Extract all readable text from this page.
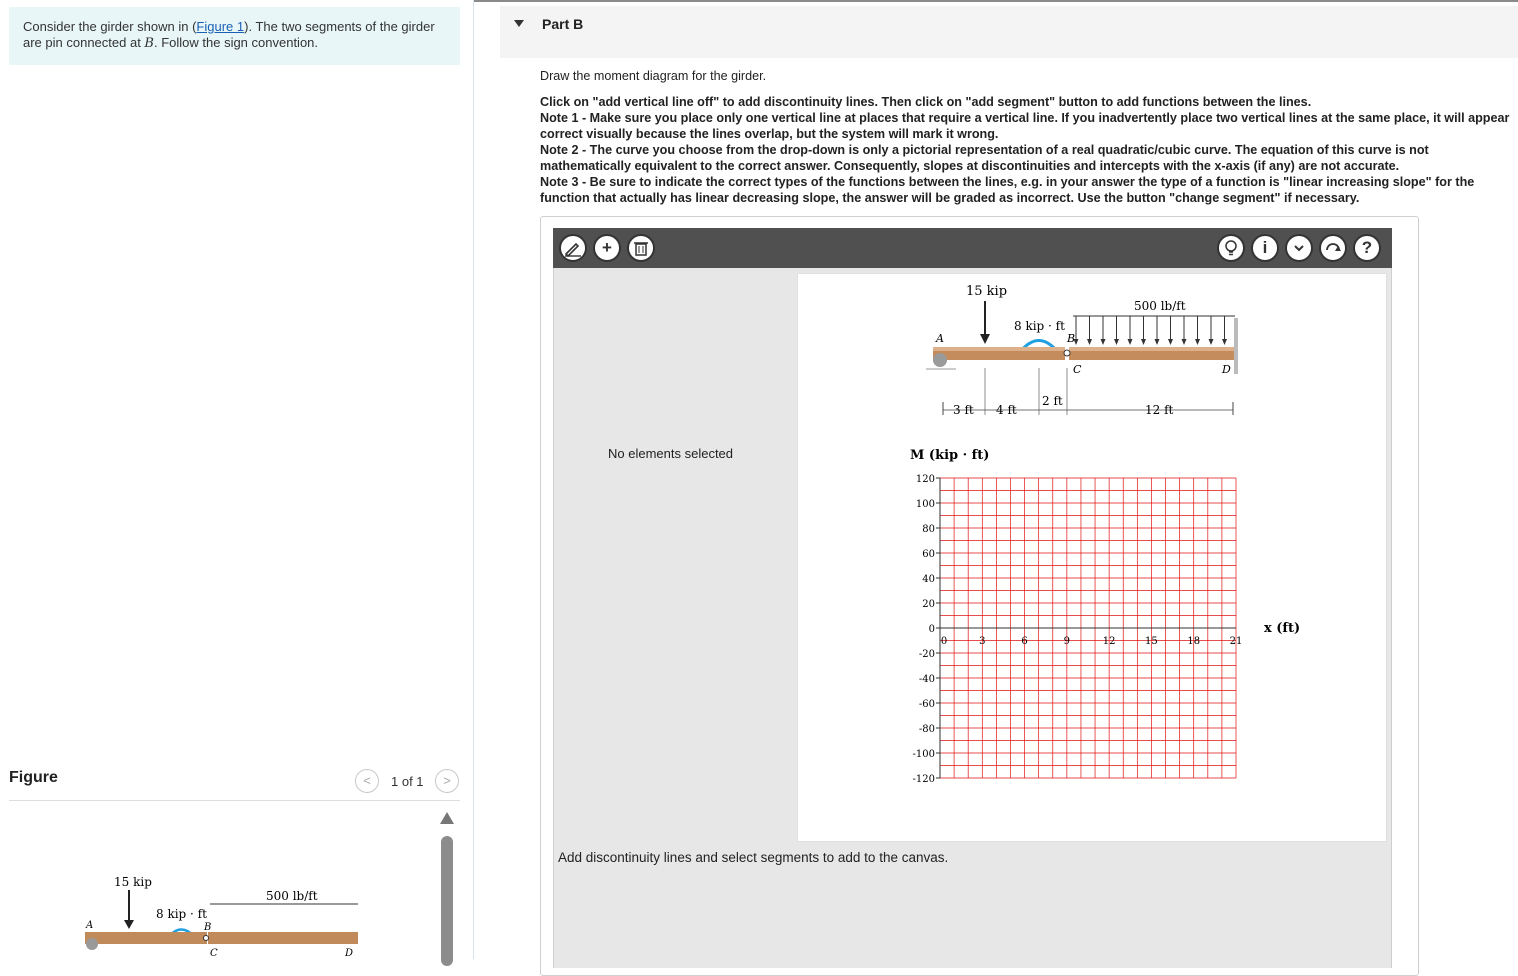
Consider the girder shown in (Figure 1). The two segments of the girder are pin connected at B. Follow the sign convention.
Figure	<	1 of 1	>
15 kip
500 lb/ft
8 kip · ft
A	B
C	D
Part B

Draw the moment diagram for the girder.

Click on "add vertical line off" to add discontinuity lines. Then click on "add segment" button to add functions between the lines.
Note 1 - Make sure you place only one vertical line at places that require a vertical line. If you inadvertently place two vertical lines at the same place, it will appear correct visually because the lines overlap, but the system will mark it wrong.
Note 2 - The curve you choose from the drop-down is only a pictorial representation of a real quadratic/cubic curve. The equation of this curve is not mathematically equivalent to the correct answer. Consequently, slopes at discontinuities and intercepts with the x-axis (if any) are not accurate.
Note 3 - Be sure to indicate the correct types of the functions between the lines, e.g. in your answer the type of a function is "linear increasing slope" for the function that actually has linear decreasing slope, the answer will be graded as incorrect. Use the button "change segment" if necessary.
+	i	?
No elements selected
15 kip
500 lb/ft
8 kip · ft
A	B
C	D
3 ft 4 ft
2 ft
12 ft
M (kip · ft)
x (ft)
120
100
80
60
40
20
0
-20
-40
-60
-80
-100
-120
0	3	6	9	12	15	18	21
Add discontinuity lines and select segments to add to the canvas.
